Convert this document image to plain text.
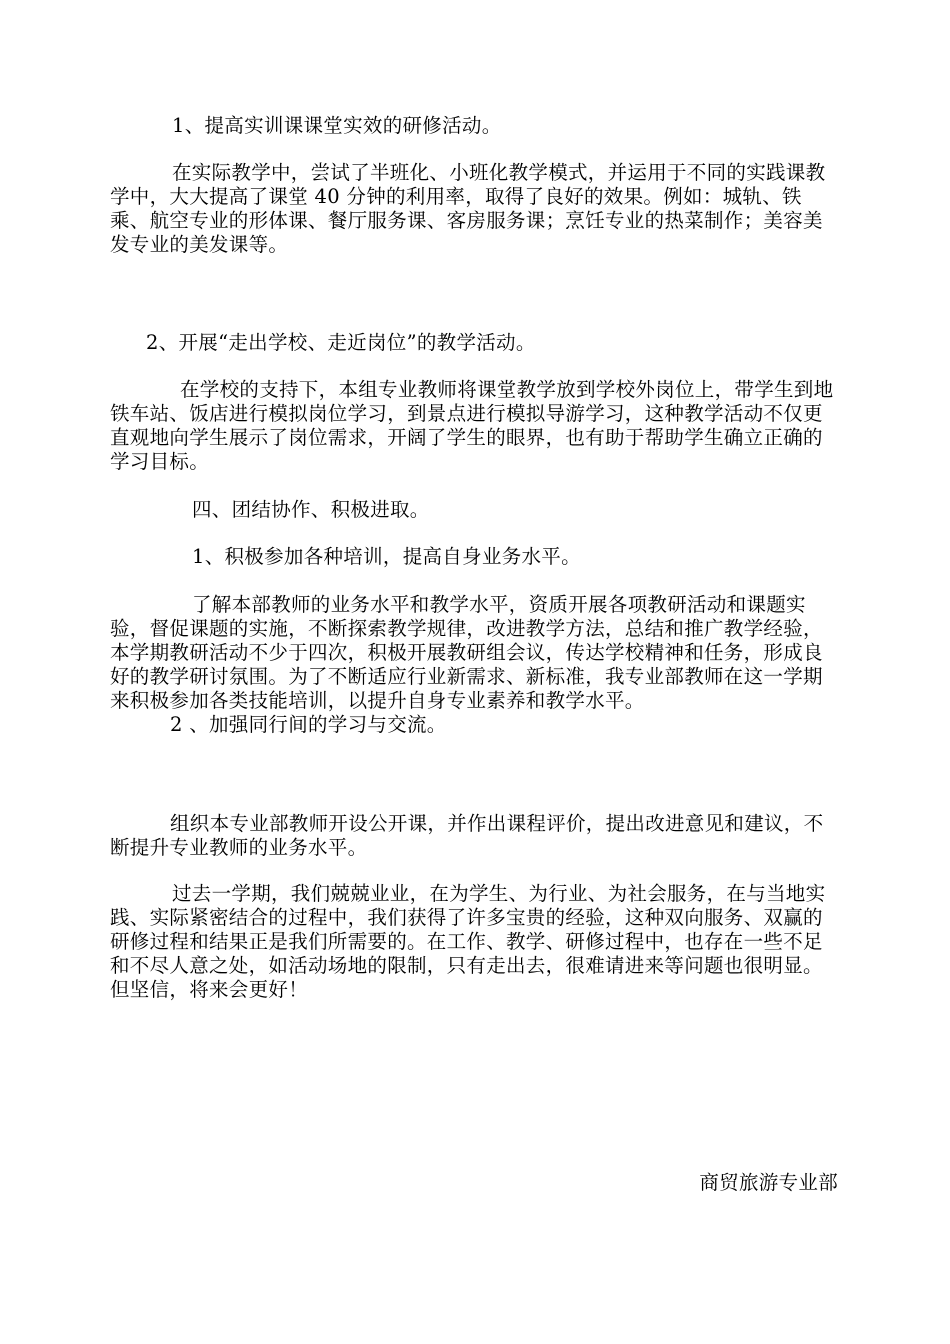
1、提高实训课课堂实效的研修活动。
在实际教学中，尝试了半班化、小班化教学模式，并运用于不同的实践课教学中，大大提高了课堂 40 分钟的利用率，取得了良好的效果。例如：城轨、铁乘、航空专业的形体课、餐厅服务课、客房服务课；烹饪专业的热菜制作；美容美发专业的美发课等。
2、开展“走出学校、走近岗位”的教学活动。
在学校的支持下，本组专业教师将课堂教学放到学校外岗位上，带学生到地铁车站、饭店进行模拟岗位学习，到景点进行模拟导游学习，这种教学活动不仅更直观地向学生展示了岗位需求，开阔了学生的眼界，也有助于帮助学生确立正确的学习目标。
四、团结协作、积极进取。
1、积极参加各种培训，提高自身业务水平。
了解本部教师的业务水平和教学水平，资质开展各项教研活动和课题实验，督促课题的实施，不断探索教学规律，改进教学方法，总结和推广教学经验，本学期教研活动不少于四次，积极开展教研组会议，传达学校精神和任务，形成良好的教学研讨氛围。为了不断适应行业新需求、新标准，我专业部教师在这一学期来积极参加各类技能培训，以提升自身专业素养和教学水平。
2 、加强同行间的学习与交流。
组织本专业部教师开设公开课，并作出课程评价，提出改进意见和建议，不断提升专业教师的业务水平。
过去一学期，我们兢兢业业，在为学生、为行业、为社会服务，在与当地实践、实际紧密结合的过程中，我们获得了许多宝贵的经验，这种双向服务、双赢的研修过程和结果正是我们所需要的。在工作、教学、研修过程中，也存在一些不足和不尽人意之处，如活动场地的限制，只有走出去，很难请进来等问题也很明显。但坚信，将来会更好！
商贸旅游专业部
